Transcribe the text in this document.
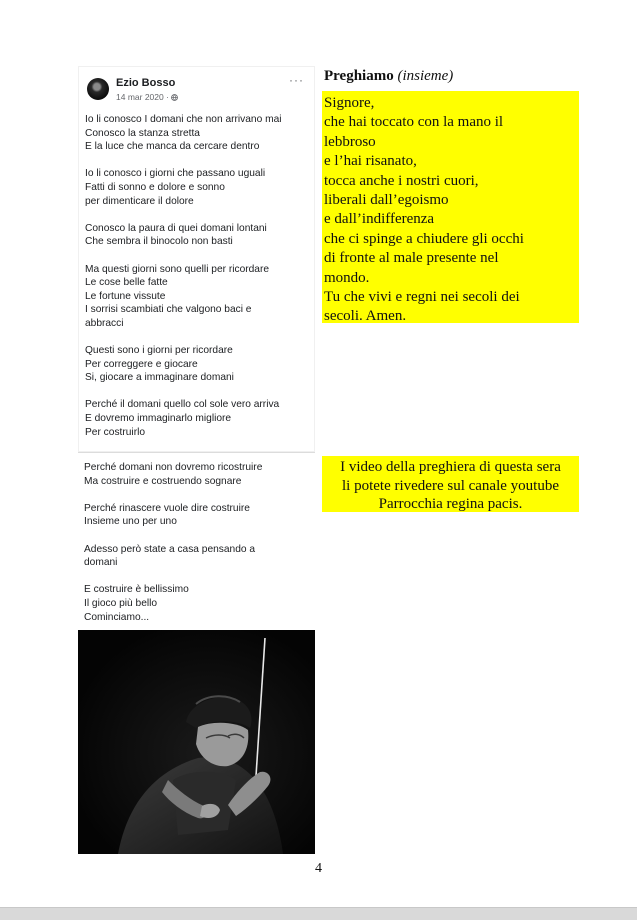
Ezio Bosso
14 mar 2020 ·
···
Io li conosco I domani che non arrivano mai
Conosco la stanza stretta
E la luce che manca da cercare dentro
Io li conosco i giorni che passano uguali
Fatti di sonno e dolore e sonno
per dimenticare il dolore
Conosco la paura di quei domani lontani
Che sembra il binocolo non basti
Ma questi giorni sono quelli per ricordare
Le cose belle fatte
Le fortune vissute
I sorrisi scambiati che valgono baci e
abbracci
Questi sono i giorni per ricordare
Per correggere e giocare
Si, giocare a immaginare domani
Perché il domani quello col sole vero arriva
E dovremo immaginarlo migliore
Per costruirlo
Perché domani non dovremo ricostruire
Ma costruire e costruendo sognare
Perché rinascere vuole dire costruire
Insieme uno per uno
Adesso però state a casa pensando a
domani
E costruire è bellissimo
Il gioco più bello
Cominciamo...
Preghiamo (insieme)
Signore,
che hai toccato con la mano il
lebbroso
e l’hai risanato,
tocca anche i nostri cuori,
liberali dall’egoismo
e dall’indifferenza
che ci spinge a chiudere gli occhi
di fronte al male presente nel
mondo.
Tu che vivi e regni nei secoli dei
secoli. Amen.
I video della preghiera di questa sera
li potete rivedere sul canale youtube
Parrocchia regina pacis.
4
